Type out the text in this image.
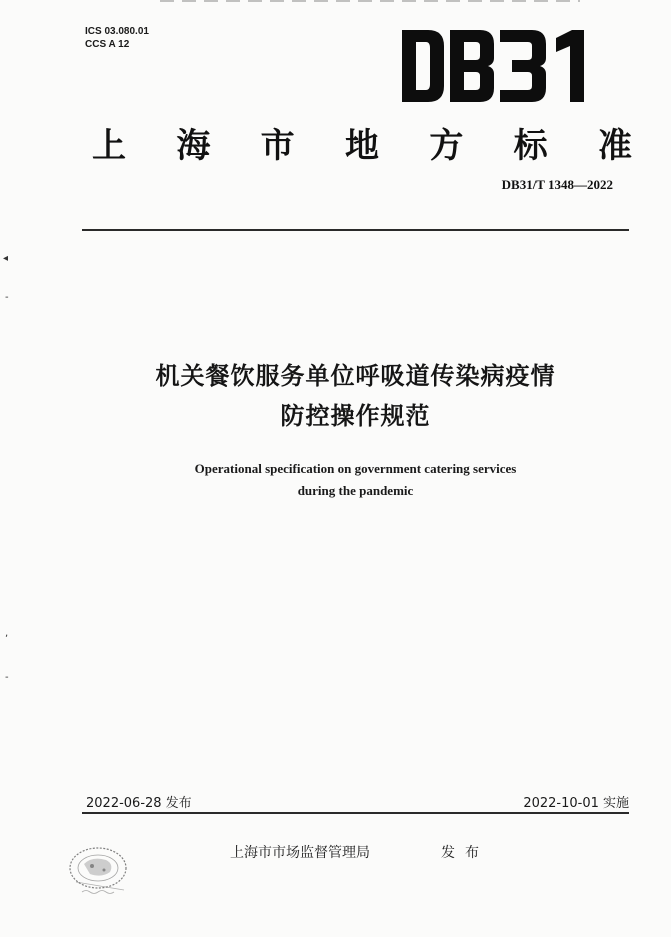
ICS 03.080.01
CCS A 12
上 海 市 地 方 标 准
DB31/T 1348—2022
◂
-
,
-
机关餐饮服务单位呼吸道传染病疫情
防控操作规范
Operational specification on government catering services
during the pandemic
2022-06-28 发布	2022-10-01 实施
上海市市场监督管理局	发布
